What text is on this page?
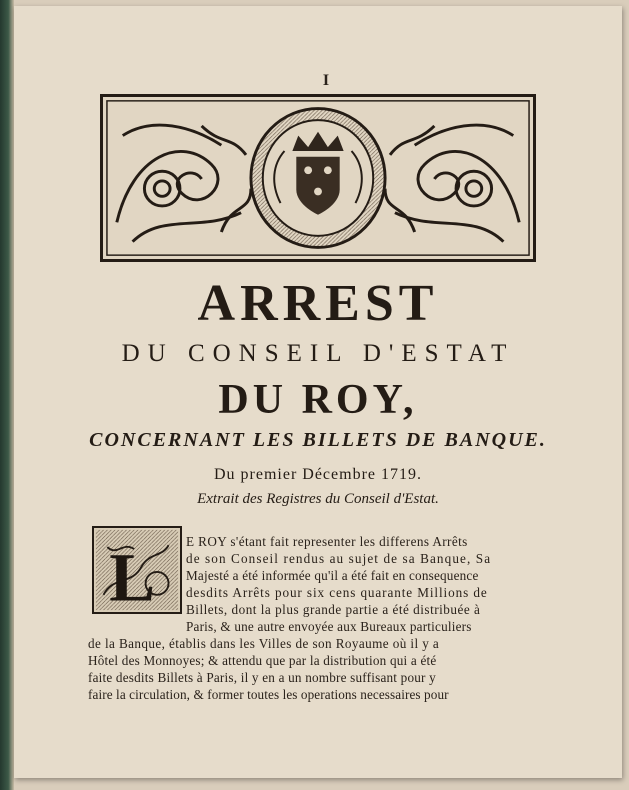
I
ARREST
DU CONSEIL D'ESTAT
DU ROY,
CONCERNANT LES BILLETS DE BANQUE.

Du premier Décembre 1719.

Extrait des Registres du Conseil d'Estat.

L E ROY s'étant fait representer les differens Arrêts

de son Conseil rendus au sujet de sa Banque, Sa

Majesté a été informée qu'il a été fait en consequence

desdits Arrêts pour six cens quarante Millions de

Billets, dont la plus grande partie a été distribuée à

Paris, & une autre envoyée aux Bureaux particuliers

de la Banque, établis dans les Villes de son Royaume où il y a

Hôtel des Monnoyes; & attendu que par la distribution qui a été

faite desdits Billets à Paris, il y en a un nombre suffisant pour y

faire la circulation, & former toutes les operations necessaires pour
